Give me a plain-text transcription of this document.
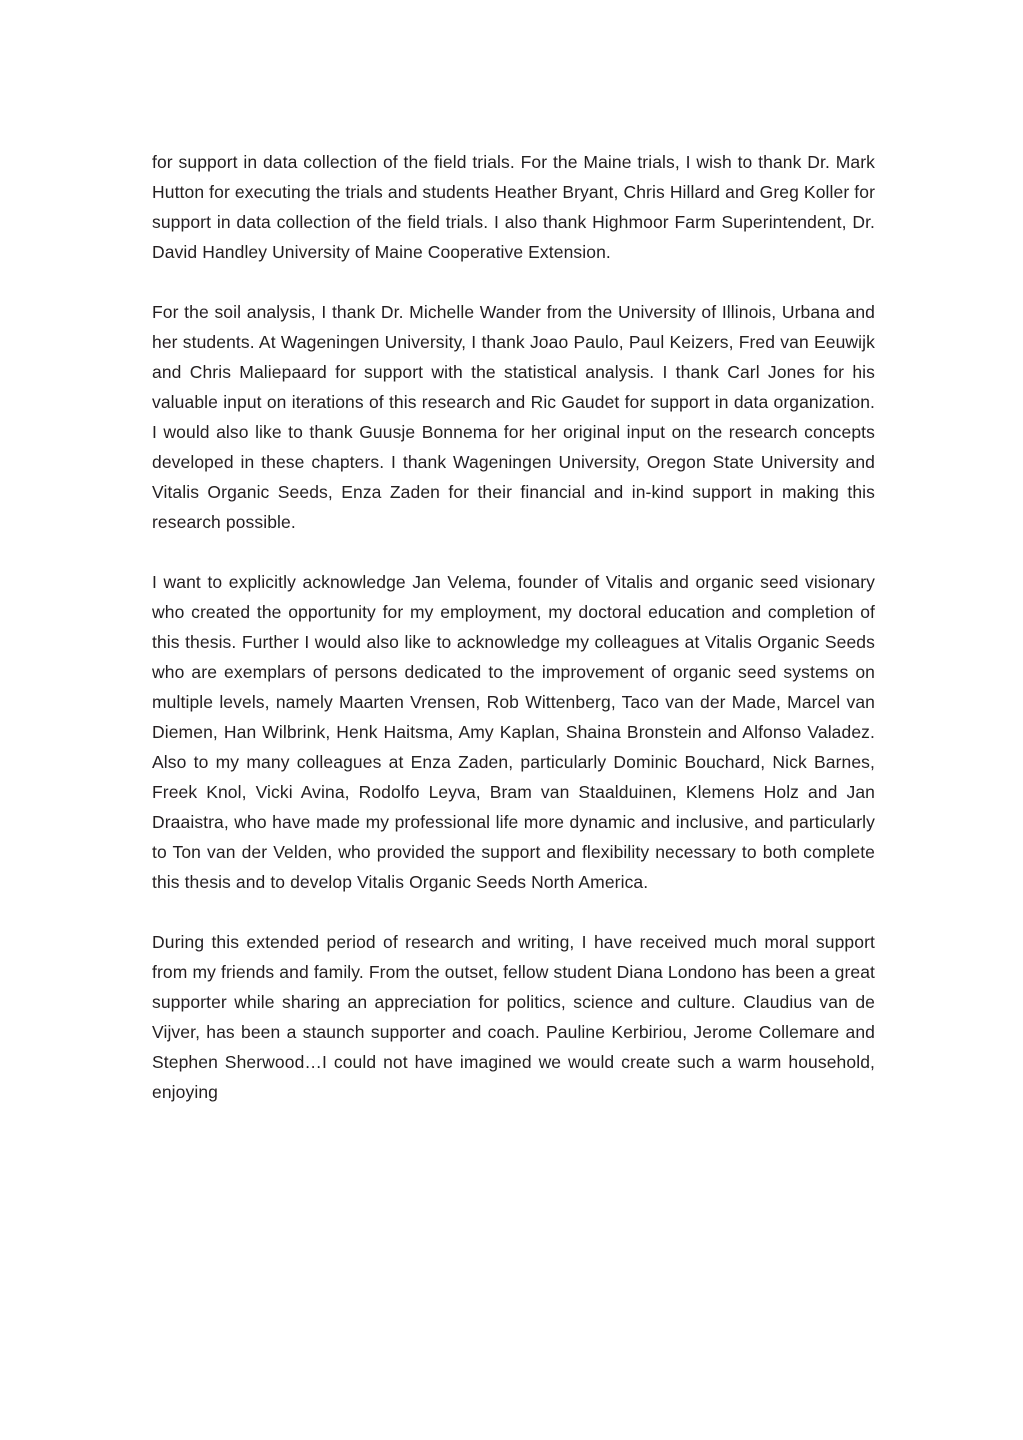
for support in data collection of the field trials. For the Maine trials, I wish to thank Dr. Mark Hutton for executing the trials and students Heather Bryant, Chris Hillard and Greg Koller for support in data collection of the field trials. I also thank Highmoor Farm Superintendent, Dr. David Handley University of Maine Cooperative Extension.

For the soil analysis, I thank Dr. Michelle Wander from the University of Illinois, Urbana and her students. At Wageningen University, I thank Joao Paulo, Paul Keizers, Fred van Eeuwijk and Chris Maliepaard for support with the statistical analysis. I thank Carl Jones for his valuable input on iterations of this research and Ric Gaudet for support in data organization. I would also like to thank Guusje Bonnema for her original input on the research concepts developed in these chapters. I thank Wageningen University, Oregon State University and Vitalis Organic Seeds, Enza Zaden for their financial and in-kind support in making this research possible.

I want to explicitly acknowledge Jan Velema, founder of Vitalis and organic seed visionary who created the opportunity for my employment, my doctoral education and completion of this thesis. Further I would also like to acknowledge my colleagues at Vitalis Organic Seeds who are exemplars of persons dedicated to the improvement of organic seed systems on multiple levels, namely Maarten Vrensen, Rob Wittenberg, Taco van der Made, Marcel van Diemen, Han Wilbrink, Henk Haitsma, Amy Kaplan, Shaina Bronstein and Alfonso Valadez. Also to my many colleagues at Enza Zaden, particularly Dominic Bouchard, Nick Barnes, Freek Knol, Vicki Avina, Rodolfo Leyva, Bram van Staalduinen, Klemens Holz and Jan Draaistra, who have made my professional life more dynamic and inclusive, and particularly to Ton van der Velden, who provided the support and flexibility necessary to both complete this thesis and to develop Vitalis Organic Seeds North America.

During this extended period of research and writing, I have received much moral support from my friends and family. From the outset, fellow student Diana Londono has been a great supporter while sharing an appreciation for politics, science and culture. Claudius van de Vijver, has been a staunch supporter and coach. Pauline Kerbiriou, Jerome Collemare and Stephen Sherwood…I could not have imagined we would create such a warm household, enjoying
